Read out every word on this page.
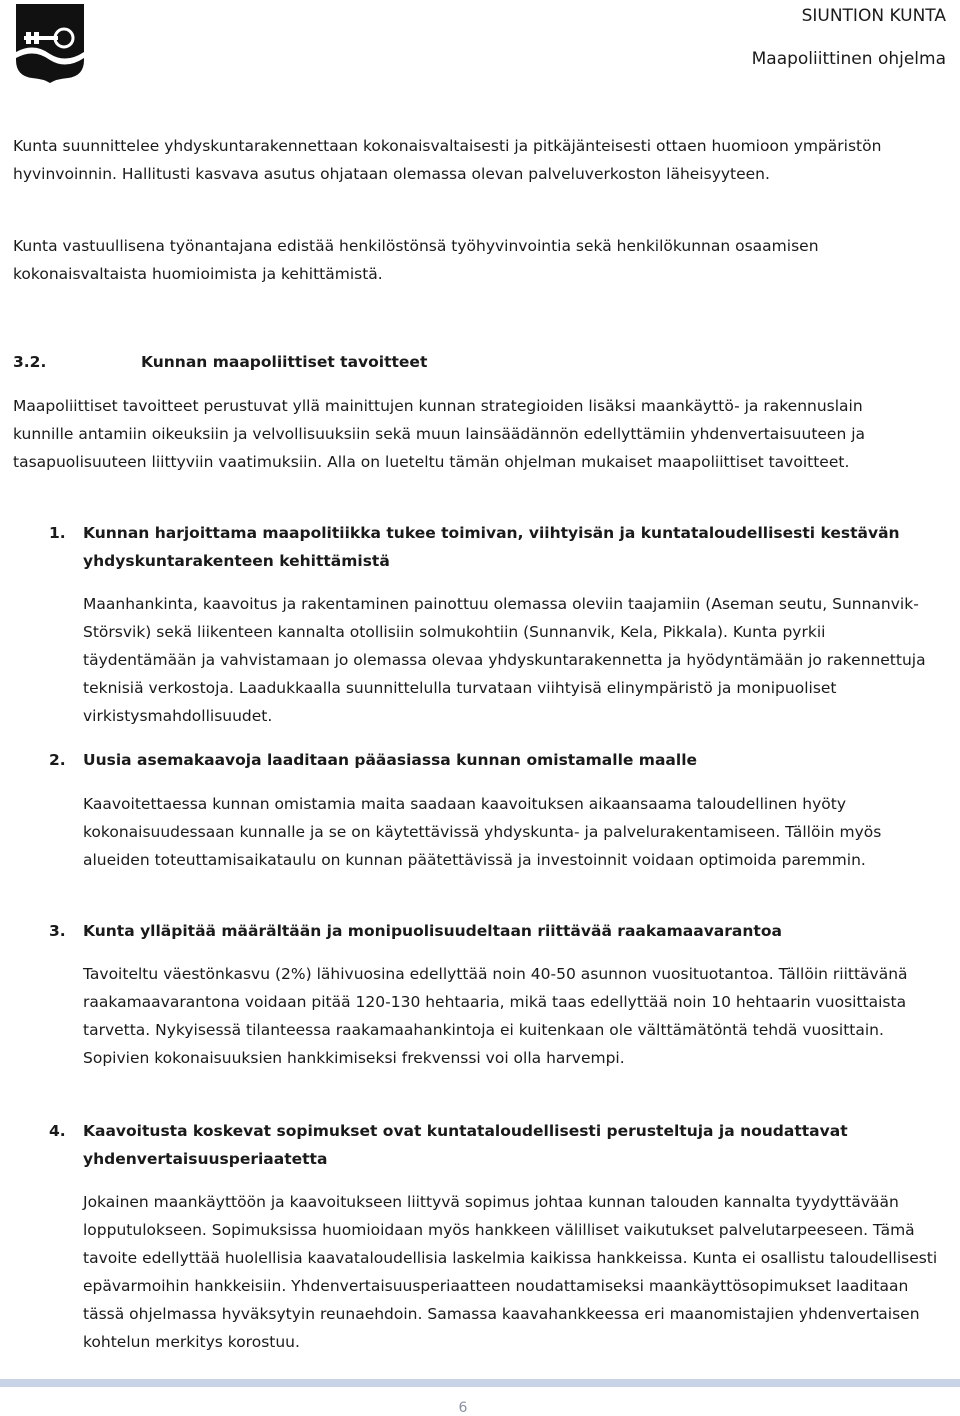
SIUNTION KUNTA
Maapoliittinen ohjelma

Kunta suunnittelee yhdyskuntarakennettaan kokonaisvaltaisesti ja pitkäjänteisesti ottaen huomioon ympäristön hyvinvoinnin. Hallitusti kasvava asutus ohjataan olemassa olevan palveluverkoston läheisyyteen.

Kunta vastuullisena työnantajana edistää henkilöstönsä työhyvinvointia sekä henkilökunnan osaamisen kokonaisvaltaista huomioimista ja kehittämistä.

3.2.	Kunnan maapoliittiset tavoitteet

Maapoliittiset tavoitteet perustuvat yllä mainittujen kunnan strategioiden lisäksi maankäyttö- ja rakennuslain kunnille antamiin oikeuksiin ja velvollisuuksiin sekä muun lainsäädännön edellyttämiin yhdenvertaisuuteen ja tasapuolisuuteen liittyviin vaatimuksiin. Alla on lueteltu tämän ohjelman mukaiset maapoliittiset tavoitteet.

1. Kunnan harjoittama maapolitiikka tukee toimivan, viihtyisän ja kuntataloudellisesti kestävän yhdyskuntarakenteen kehittämistä

Maanhankinta, kaavoitus ja rakentaminen painottuu olemassa oleviin taajamiin (Aseman seutu, Sunnanvik-Störsvik) sekä liikenteen kannalta otollisiin solmukohtiin (Sunnanvik, Kela, Pikkala). Kunta pyrkii täydentämään ja vahvistamaan jo olemassa olevaa yhdyskuntarakennetta ja hyödyntämään jo rakennettuja teknisiä verkostoja. Laadukkaalla suunnittelulla turvataan viihtyisä elinympäristö ja monipuoliset virkistysmahdollisuudet.

2. Uusia asemakaavoja laaditaan pääasiassa kunnan omistamalle maalle

Kaavoitettaessa kunnan omistamia maita saadaan kaavoituksen aikaansaama taloudellinen hyöty kokonaisuudessaan kunnalle ja se on käytettävissä yhdyskunta- ja palvelurakentamiseen. Tällöin myös alueiden toteuttamisaikataulu on kunnan päätettävissä ja investoinnit voidaan optimoida paremmin.

3. Kunta ylläpitää määrältään ja monipuolisuudeltaan riittävää raakamaavarantoa

Tavoiteltu väestönkasvu (2%) lähivuosina edellyttää noin 40-50 asunnon vuosituotantoa. Tällöin riittävänä raakamaavarantona voidaan pitää 120-130 hehtaaria, mikä taas edellyttää noin 10 hehtaarin vuosittaista tarvetta. Nykyisessä tilanteessa raakamaahankintoja ei kuitenkaan ole välttämätöntä tehdä vuosittain. Sopivien kokonaisuuksien hankkimiseksi frekvenssi voi olla harvempi.

4. Kaavoitusta koskevat sopimukset ovat kuntataloudellisesti perusteltuja ja noudattavat yhdenvertaisuusperiaatetta

Jokainen maankäyttöön ja kaavoitukseen liittyvä sopimus johtaa kunnan talouden kannalta tyydyttävään lopputulokseen. Sopimuksissa huomioidaan myös hankkeen välilliset vaikutukset palvelutarpeeseen. Tämä tavoite edellyttää huolellisia kaavataloudellisia laskelmia kaikissa hankkeissa. Kunta ei osallistu taloudellisesti epävarmoihin hankkeisiin. Yhdenvertaisuusperiaatteen noudattamiseksi maankäyttösopimukset laaditaan tässä ohjelmassa hyväksytyin reunaehdoin. Samassa kaavahankkeessa eri maanomistajien yhdenvertaisen kohtelun merkitys korostuu.

6
